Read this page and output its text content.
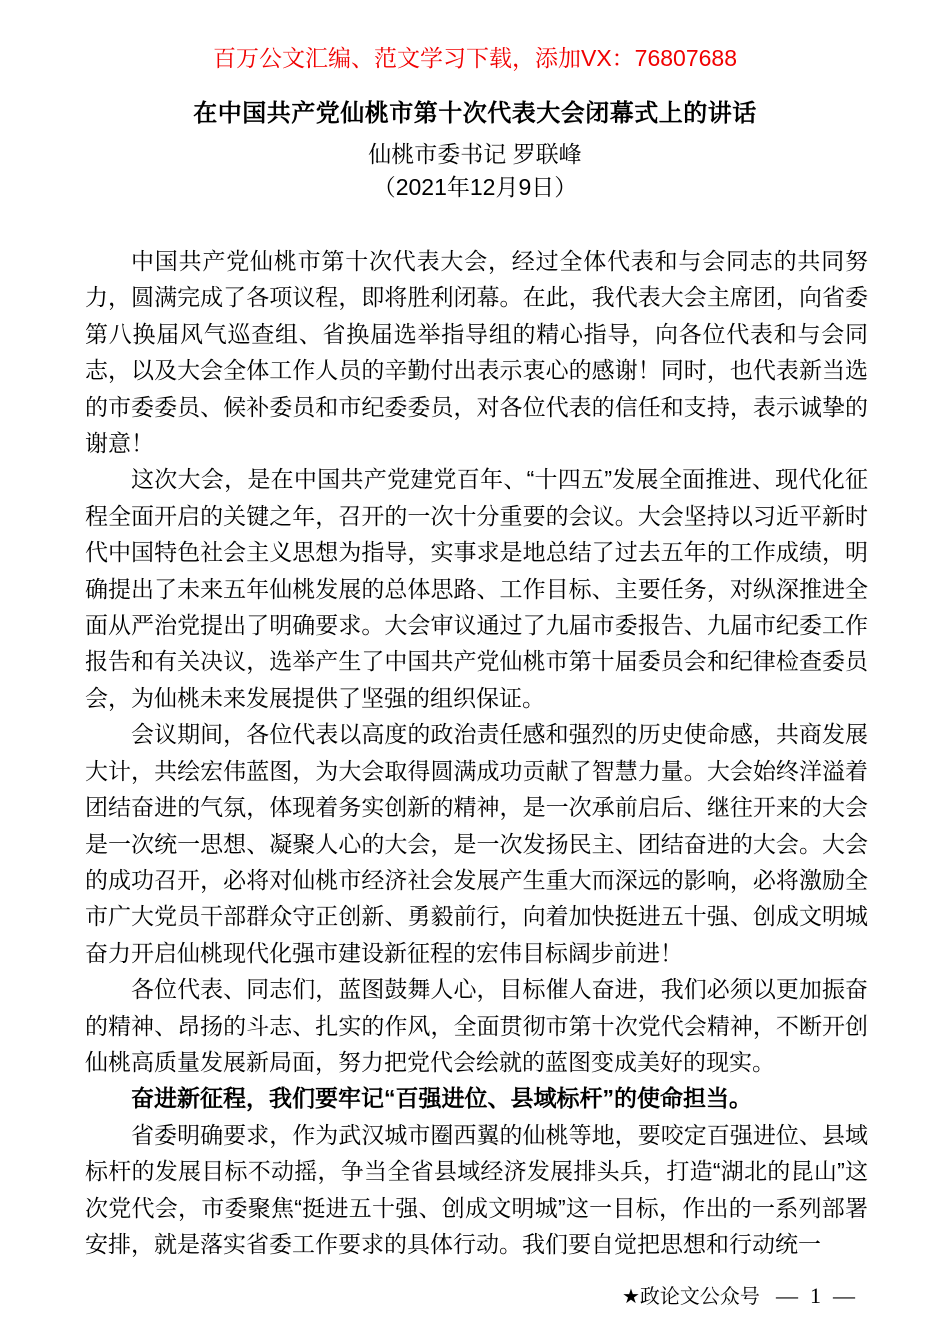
百万公文汇编、范文学习下载，添加VX：76807688
在中国共产党仙桃市第十次代表大会闭幕式上的讲话
仙桃市委书记 罗联峰
（2021年12月9日）

中国共产党仙桃市第十次代表大会，经过全体代表和与会同志的共同努力，圆满完成了各项议程，即将胜利闭幕。在此，我代表大会主席团，向省委第八换届风气巡查组、省换届选举指导组的精心指导，向各位代表和与会同志，以及大会全体工作人员的辛勤付出表示衷心的感谢！同时，也代表新当选的市委委员、候补委员和市纪委委员，对各位代表的信任和支持，表示诚挚的谢意！

这次大会，是在中国共产党建党百年、“十四五”发展全面推进、现代化征程全面开启的关键之年，召开的一次十分重要的会议。大会坚持以习近平新时代中国特色社会主义思想为指导，实事求是地总结了过去五年的工作成绩，明确提出了未来五年仙桃发展的总体思路、工作目标、主要任务，对纵深推进全面从严治党提出了明确要求。大会审议通过了九届市委报告、九届市纪委工作报告和有关决议，选举产生了中国共产党仙桃市第十届委员会和纪律检查委员会，为仙桃未来发展提供了坚强的组织保证。

会议期间，各位代表以高度的政治责任感和强烈的历史使命感，共商发展大计，共绘宏伟蓝图，为大会取得圆满成功贡献了智慧力量。大会始终洋溢着团结奋进的气氛，体现着务实创新的精神，是一次承前启后、继往开来的大会是一次统一思想、凝聚人心的大会，是一次发扬民主、团结奋进的大会。大会的成功召开，必将对仙桃市经济社会发展产生重大而深远的影响，必将激励全市广大党员干部群众守正创新、勇毅前行，向着加快挺进五十强、创成文明城奋力开启仙桃现代化强市建设新征程的宏伟目标阔步前进！

各位代表、同志们，蓝图鼓舞人心，目标催人奋进，我们必须以更加振奋的精神、昂扬的斗志、扎实的作风，全面贯彻市第十次党代会精神，不断开创仙桃高质量发展新局面，努力把党代会绘就的蓝图变成美好的现实。

奋进新征程，我们要牢记“百强进位、县域标杆”的使命担当。

省委明确要求，作为武汉城市圈西翼的仙桃等地，要咬定百强进位、县域标杆的发展目标不动摇，争当全省县域经济发展排头兵，打造“湖北的昆山”这次党代会，市委聚焦“挺进五十强、创成文明城”这一目标，作出的一系列部署安排，就是落实省委工作要求的具体行动。我们要自觉把思想和行动统一

★政论文公众号 — 1 —
